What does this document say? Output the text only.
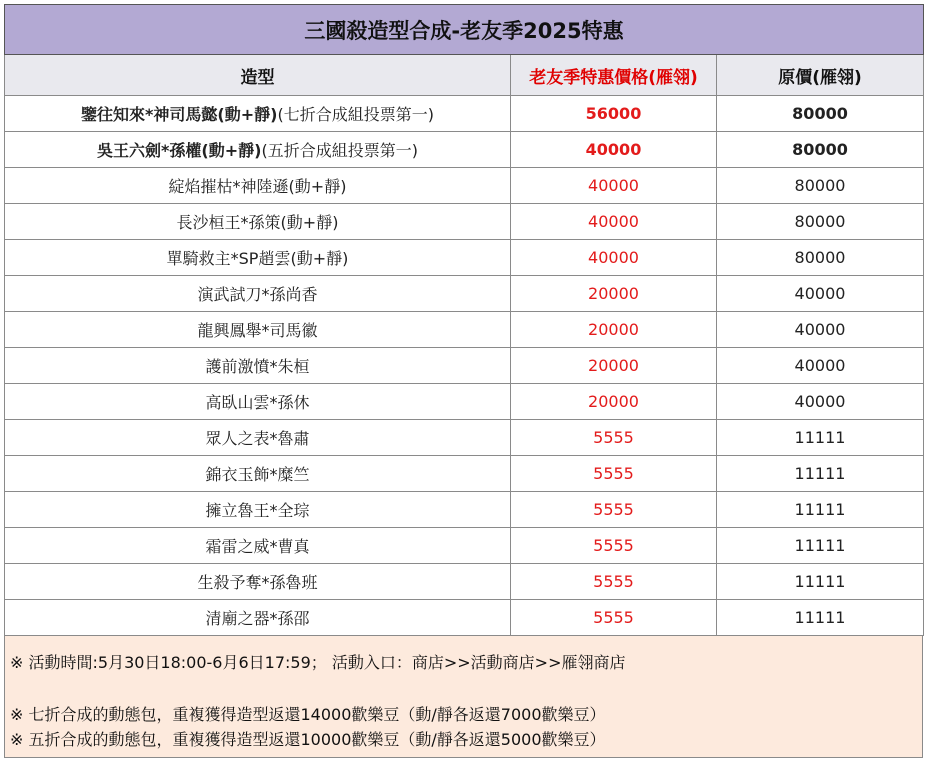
三國殺造型合成-老友季2025特惠		
造型	老友季特惠價格(雁翎)	原價(雁翎)
鑒往知來*神司馬懿(動+靜)(七折合成組投票第一)	56000	80000
吳王六劍*孫權(動+靜)(五折合成組投票第一)	40000	80000
綻焰摧枯*神陸遜(動+靜)	40000	80000
長沙桓王*孫策(動+靜)	40000	80000
單騎救主*SP趙雲(動+靜)	40000	80000
演武試刀*孫尚香	20000	40000
龍興鳳舉*司馬徽	20000	40000
護前激憤*朱桓	20000	40000
高臥山雲*孫休	20000	40000
眾人之表*魯肅	5555	11111
錦衣玉飾*糜竺	5555	11111
擁立魯王*全琮	5555	11111
霜雷之威*曹真	5555	11111
生殺予奪*孫魯班	5555	11111
清廟之器*孫邵	5555	11111
※ 活動時間:5月30日18:00-6月6日17:59； 活動入口：商店>>活動商店>>雁翎商店
※ 七折合成的動態包，重複獲得造型返還14000歡樂豆（動/靜各返還7000歡樂豆）
※ 五折合成的動態包，重複獲得造型返還10000歡樂豆（動/靜各返還5000歡樂豆）
